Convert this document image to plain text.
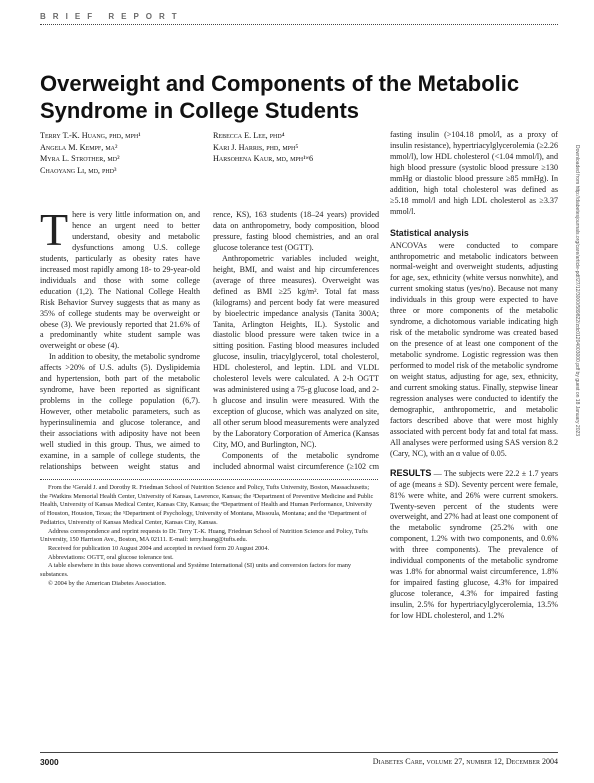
B R I E F   R E P O R T
Overweight and Components of the Metabolic Syndrome in College Students
Terry T.-K. Huang, phd, mph¹
Angela M. Kempf, ma²
Myra L. Strother, md²
Chaoyang Li, md, phd³
Rebecca E. Lee, phd⁴
Kari J. Harris, phd, mph⁵
Harsohena Kaur, md, mph¹ʷ6

There is very little information on, and hence an urgent need to better understand, obesity and metabolic dysfunctions among U.S. college students, particularly as obesity rates have increased most rapidly among 18- to 29-year-old individuals and those with some college education (1,2). The National College Health Risk Behavior Survey suggests that as many as 35% of college students may be overweight or obese (3). We previously reported that 21.6% of a predominantly white student sample was overweight or obese (4).

In addition to obesity, the metabolic syndrome affects >20% of U.S. adults (5). Dyslipidemia and hypertension, both part of the metabolic syndrome, have been reported as significant problems in the college population (6,7). However, other metabolic parameters, such as hyperinsulinemia and glucose tolerance, and their associations with adiposity have not been well studied in this group. Thus, we aimed to examine, in a sample of college students, the relationships between weight status and

rence, KS), 163 students (18–24 years) provided data on anthropometry, body composition, blood pressure, fasting blood chemistries, and an oral glucose tolerance test (OGTT).

Anthropometric variables included weight, height, BMI, and waist and hip circumferences (average of three measures). Overweight was defined as BMI ≥25 kg/m². Total fat mass (kilograms) and percent body fat were measured by bioelectric impedance analysis (Tanita 300A; Tanita, Arlington Heights, IL). Systolic and diastolic blood pressure were taken twice in a sitting position. Fasting blood measures included glucose, insulin, triacylglycerol, total cholesterol, HDL cholesterol, and leptin. LDL and VLDL cholesterol levels were calculated. A 2-h OGTT was administered using a 75-g glucose load, and 2-h glucose and insulin were measured. With the exception of glucose, which was analyzed on site, all other serum blood measurements were analyzed by the Laboratory Corporation of America (Kansas City, MO, and Burlington, NC).

Components of the metabolic syndrome included abnormal waist circumference (≥102 cm

fasting insulin (>104.18 pmol/l, as a proxy of insulin resistance), hypertriacylglycerolemia (≥2.26 mmol/l), low HDL cholesterol (<1.04 mmol/l), and high blood pressure (systolic blood pressure ≥130 mmHg or diastolic blood pressure ≥85 mmHg). In addition, high total cholesterol was defined as ≥5.18 mmol/l and high LDL cholesterol as ≥3.37 mmol/l.

Statistical analysis

ANCOVAs were conducted to compare anthropometric and metabolic indicators between normal-weight and overweight students, adjusting for age, sex, ethnicity (white versus nonwhite), and current smoking status (yes/no). Because not many individuals in this group were expected to have three or more components of the metabolic syndrome, a dichotomous variable indicating high risk of the metabolic syndrome was created based on the presence of at least one component of the metabolic syndrome. Logistic regression was then performed to model risk of the metabolic syndrome on weight status, adjusting for age, sex, ethnicity, and current smoking status. Finally, stepwise linear regression analyses were conducted to identify the demographic, anthropometric, and metabolic factors described above that were most highly associated with percent body fat and total fat mass. All analyses were performed using SAS version 8.2 (Cary, NC), with an α value of 0.05.

RESULTS — The subjects were 22.2 ± 1.7 years of age (means ± SD). Seventy percent were female, 81% were white, and 26% were current smokers. Twenty-seven percent of the students were overweight, and 27% had at least one component of the metabolic syndrome (25.2% with one component, 1.2% with two components, and 0.6% with three components). The prevalence of individual components of the metabolic syndrome was 1.8% for abnormal waist circumference, 1.8% for impaired fasting glucose, 4.3% for impaired glucose tolerance, 4.3% for impaired fasting insulin, 2.5% for hypertriacylglycerolemia, 13.5% for low HDL cholesterol, and 1.2%

From the ¹Gerald J. and Dorothy R. Friedman School of Nutrition Science and Policy, Tufts University, Boston, Massachusetts; the ²Watkins Memorial Health Center, University of Kansas, Lawrence, Kansas; the ³Department of Preventive Medicine and Public Health, University of Kansas Medical Center, Kansas City, Kansas; the ⁴Department of Health and Human Performance, University of Houston, Houston, Texas; the ⁵Department of Psychology, University of Montana, Missoula, Montana; and the ⁶Department of Pediatrics, University of Kansas Medical Center, Kansas City, Kansas.

Address correspondence and reprint requests to Dr. Terry T.-K. Huang, Friedman School of Nutrition Science and Policy, Tufts University, 150 Harrison Ave., Boston, MA 02111. E-mail: terry.huang@tufts.edu.

Received for publication 10 August 2004 and accepted in revised form 20 August 2004.

Abbreviations: OGTT, oral glucose tolerance test.

A table elsewhere in this issue shows conventional and Système International (SI) units and conversion factors for many substances.

© 2004 by the American Diabetes Association.

Downloaded from http://diabetesjournals.org/care/article-pdf/27/12/3000/589822/zdc01204003000.pdf by guest on 18 January 2023
3000	Diabetes Care, volume 27, number 12, December 2004
